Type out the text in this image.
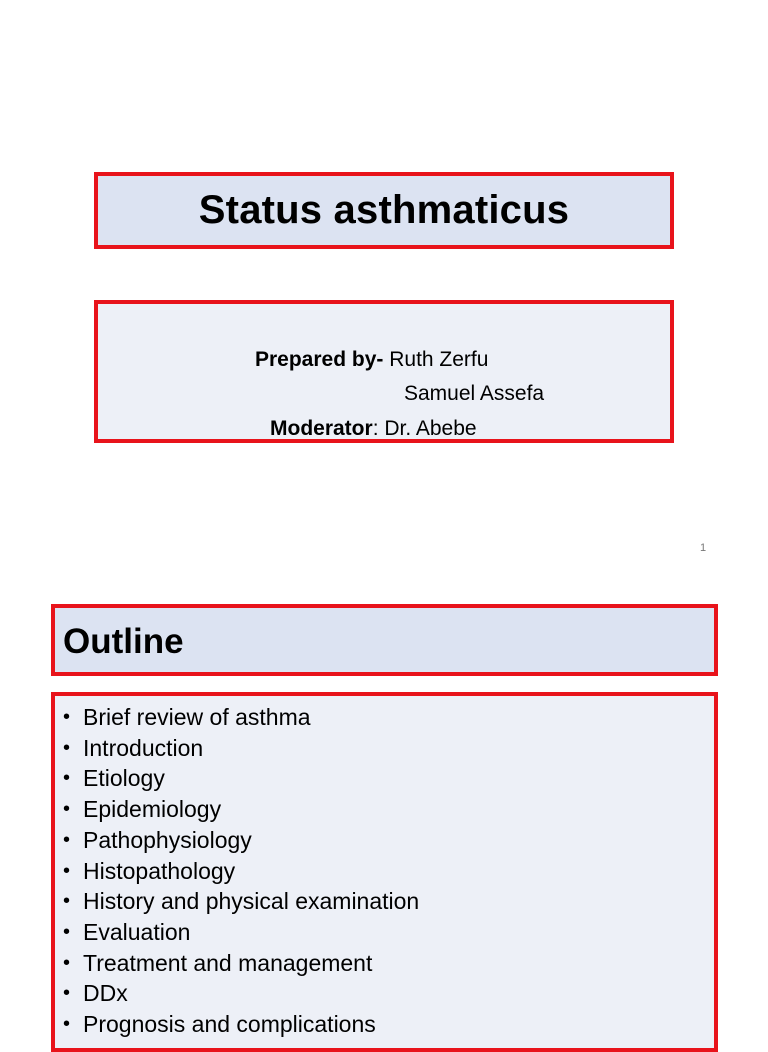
Status asthmaticus
Prepared by- Ruth Zerfu
Samuel Assefa
Moderator: Dr. Abebe
1
Outline
• Brief review of asthma
• Introduction
• Etiology
• Epidemiology
• Pathophysiology
• Histopathology
• History and physical examination
• Evaluation
• Treatment and management
• DDx
• Prognosis and complications
